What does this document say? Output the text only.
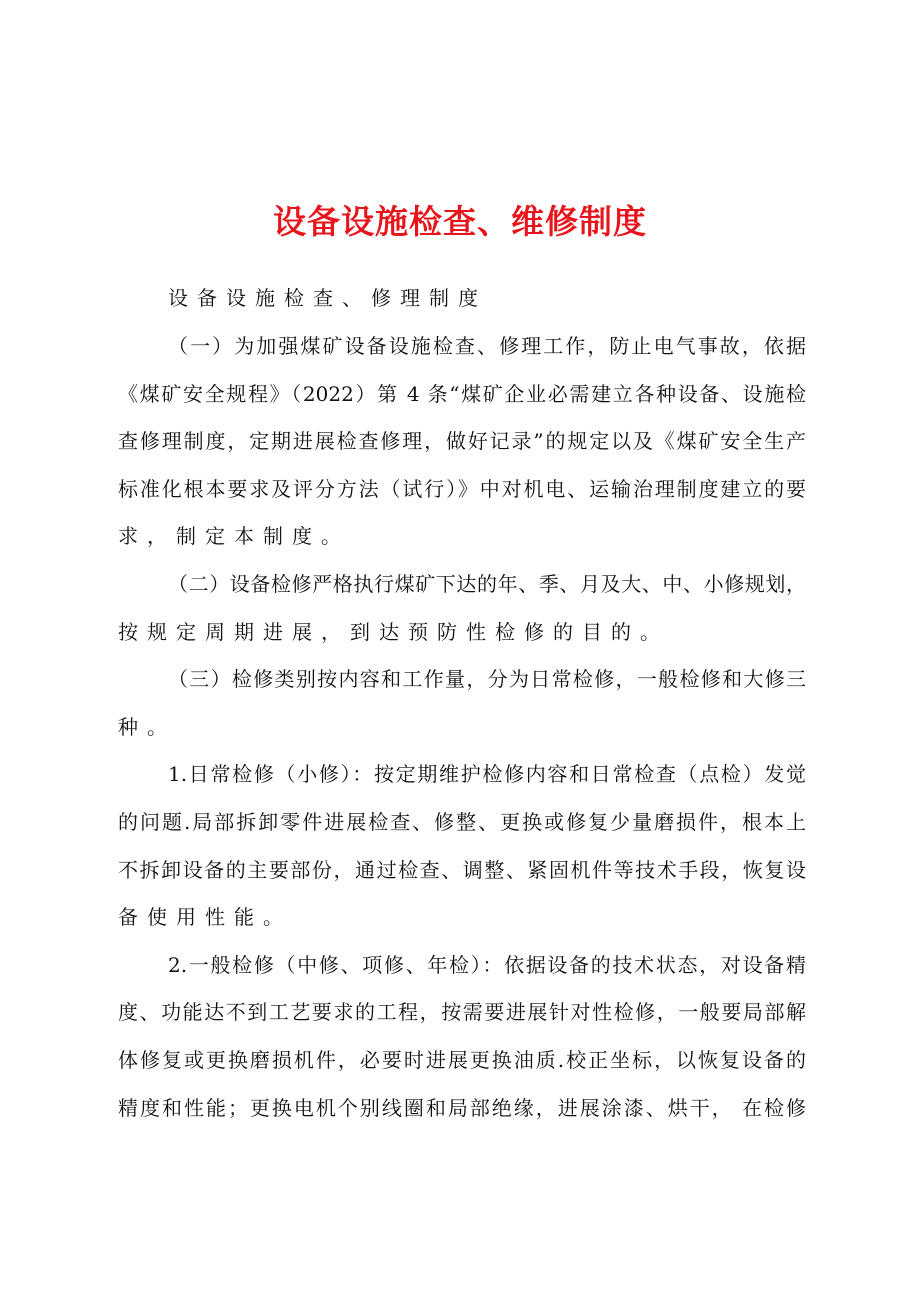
设备设施检查、维修制度
设备设施检查、修理制度
（一）为加强煤矿设备设施检查、修理工作，防止电气事故，依据
《煤矿安全规程》（2022）第 4 条“煤矿企业必需建立各种设备、设施检
查修理制度，定期进展检查修理，做好记录”的规定以及《煤矿安全生产
标准化根本要求及评分方法（试行）》中对机电、运输治理制度建立的要
求，制定本制度。
（二）设备检修严格执行煤矿下达的年、季、月及大、中、小修规划，
按规定周期进展，到达预防性检修的目的。
（三）检修类别按内容和工作量，分为日常检修，一般检修和大修三
种。
1.日常检修（小修）：按定期维护检修内容和日常检查（点检）发觉
的问题.局部拆卸零件进展检查、修整、更换或修复少量磨损件，根本上
不拆卸设备的主要部份，通过检查、调整、紧固机件等技术手段，恢复设
备使用性能。
2.一般检修（中修、项修、年检）：依据设备的技术状态，对设备精
度、功能达不到工艺要求的工程，按需要进展针对性检修，一般要局部解
体修复或更换磨损机件，必要时进展更换油质.校正坐标，以恢复设备的
精度和性能；更换电机个别线圈和局部绝缘，进展涂漆、烘干， 在检修
